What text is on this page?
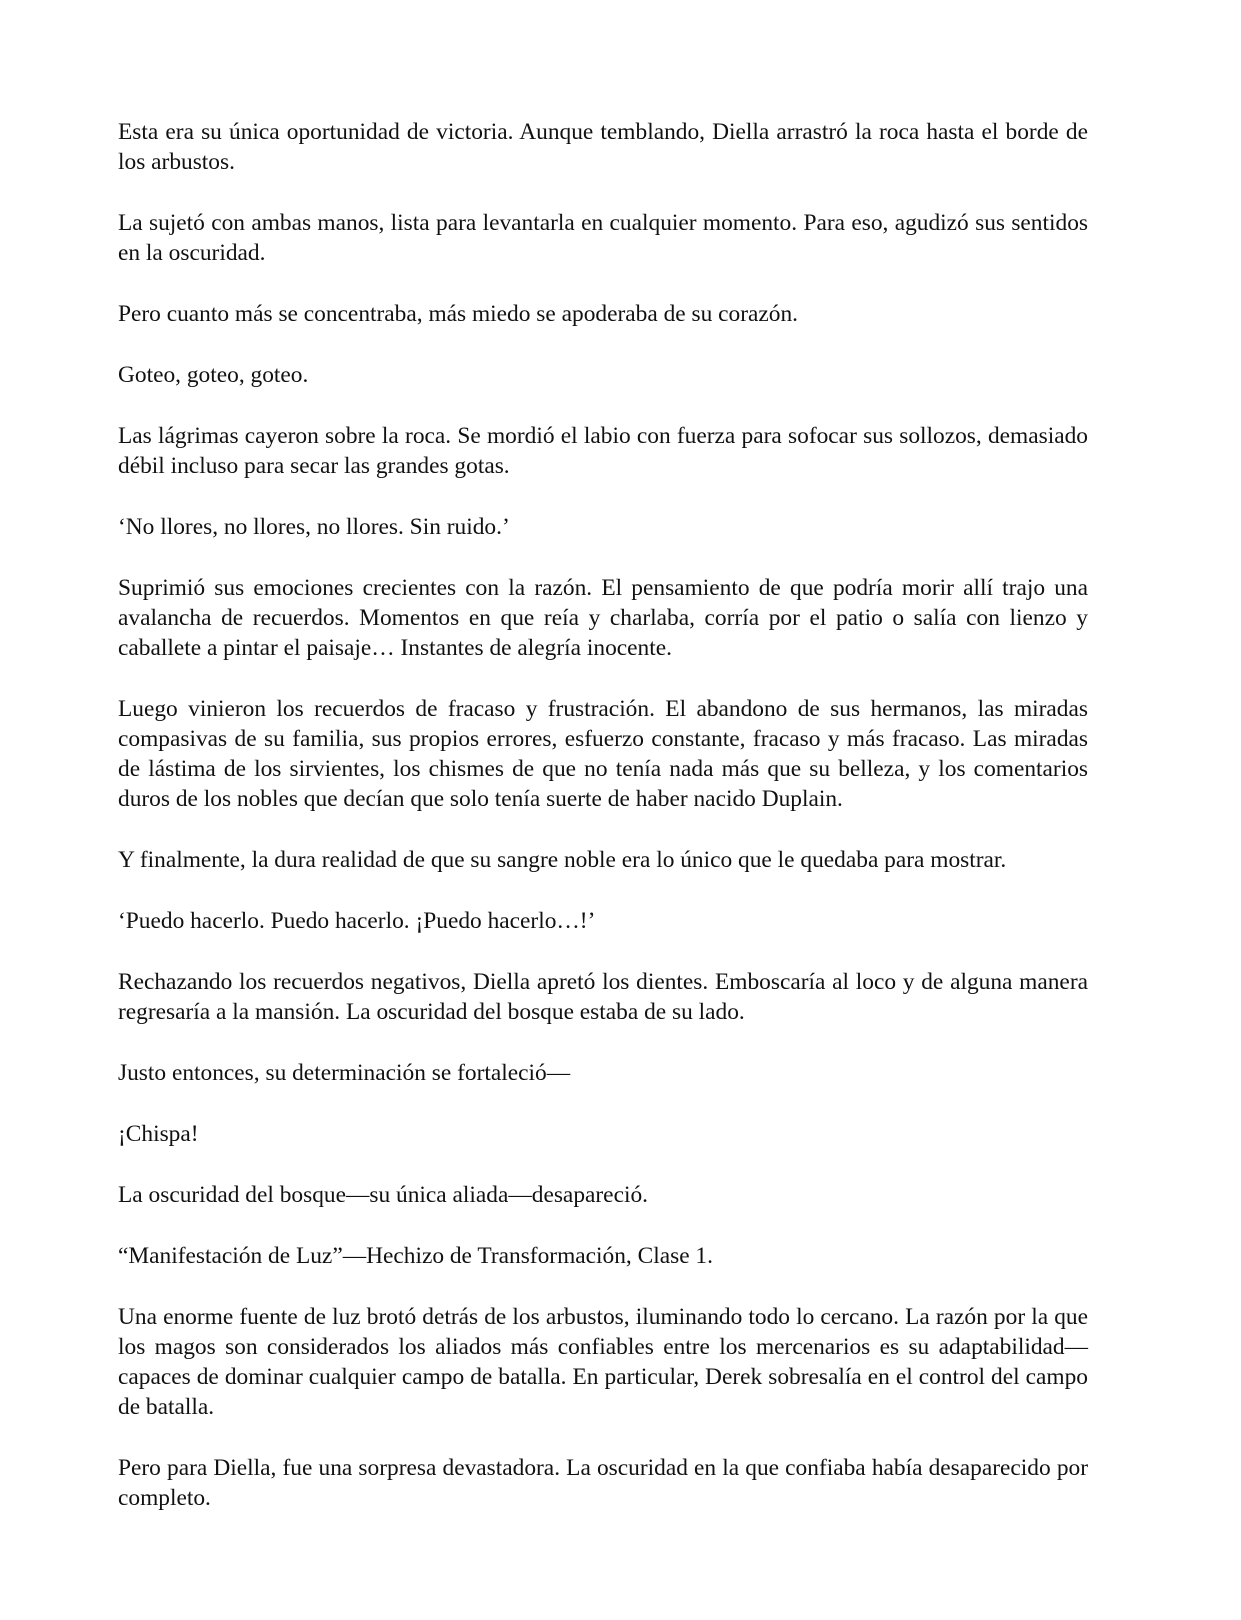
Esta era su única oportunidad de victoria. Aunque temblando, Diella arrastró la roca hasta el borde de los arbustos.

La sujetó con ambas manos, lista para levantarla en cualquier momento. Para eso, agudizó sus sentidos en la oscuridad.

Pero cuanto más se concentraba, más miedo se apoderaba de su corazón.

Goteo, goteo, goteo.

Las lágrimas cayeron sobre la roca. Se mordió el labio con fuerza para sofocar sus sollozos, demasiado débil incluso para secar las grandes gotas.

‘No llores, no llores, no llores. Sin ruido.’

Suprimió sus emociones crecientes con la razón. El pensamiento de que podría morir allí trajo una avalancha de recuerdos. Momentos en que reía y charlaba, corría por el patio o salía con lienzo y caballete a pintar el paisaje… Instantes de alegría inocente.

Luego vinieron los recuerdos de fracaso y frustración. El abandono de sus hermanos, las miradas compasivas de su familia, sus propios errores, esfuerzo constante, fracaso y más fracaso. Las miradas de lástima de los sirvientes, los chismes de que no tenía nada más que su belleza, y los comentarios duros de los nobles que decían que solo tenía suerte de haber nacido Duplain.

Y finalmente, la dura realidad de que su sangre noble era lo único que le quedaba para mostrar.

‘Puedo hacerlo. Puedo hacerlo. ¡Puedo hacerlo…!’

Rechazando los recuerdos negativos, Diella apretó los dientes. Emboscaría al loco y de alguna manera regresaría a la mansión. La oscuridad del bosque estaba de su lado.

Justo entonces, su determinación se fortaleció—

¡Chispa!

La oscuridad del bosque—su única aliada—desapareció.

“Manifestación de Luz”—Hechizo de Transformación, Clase 1.

Una enorme fuente de luz brotó detrás de los arbustos, iluminando todo lo cercano. La razón por la que los magos son considerados los aliados más confiables entre los mercenarios es su adaptabilidad—capaces de dominar cualquier campo de batalla. En particular, Derek sobresalía en el control del campo de batalla.

Pero para Diella, fue una sorpresa devastadora. La oscuridad en la que confiaba había desaparecido por completo.
